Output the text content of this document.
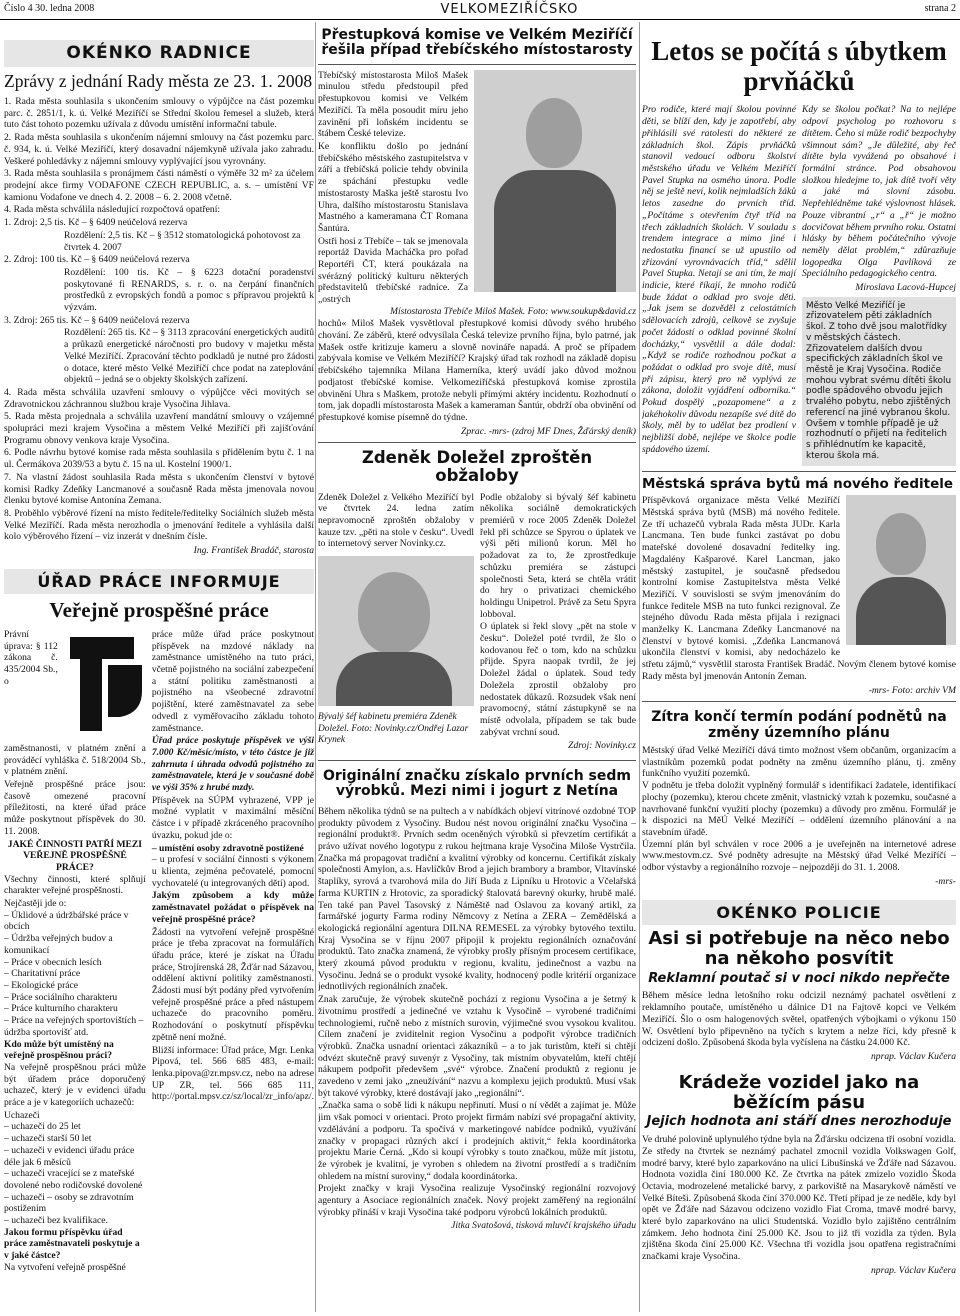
Číslo 4 30. ledna 2008	VELKOMEZIŘÍČSKO	strana 2
OKÉNKO RADNICE
Zprávy z jednání Rady města ze 23. 1. 2008

1. Rada města souhlasila s ukončením smlouvy o výpůjčce na část pozemku parc. č. 2851/1, k. ú. Velké Meziříčí se Střední školou řemesel a služeb, která tuto část tohoto pozemku užívala z důvodu umístění informační tabule.

2. Rada města souhlasila s ukončením nájemní smlouvy na část pozemku parc. č. 934, k. ú. Velké Meziříčí, který dosavadní nájemkyně užívala jako zahradu. Veškeré pohledávky z nájemní smlouvy vyplývající jsou vyrovnány.

3. Rada města souhlasila s pronájmem části náměstí o výměře 32 m² za účelem prodejní akce firmy VODAFONE CZECH REPUBLIC, a. s. – umístění VF kamionu Vodafone ve dnech 4. 2. 2008 – 6. 2. 2008 včetně.

4. Rada města schválila následující rozpočtová opatření:

1. Zdroj: 2,5 tis. Kč – § 6409 neúčelová rezerva

Rozdělení: 2,5 tis. Kč – § 3512 stomatologická pohotovost za čtvrtek 4. 2007

2. Zdroj: 100 tis. Kč – § 6409 neúčelová rezerva

Rozdělení: 100 tis. Kč – § 6223 dotační poradenství poskytované fi RENARDS, s. r. o. na čerpání finančních prostředků z evropských fondů a pomoc s přípravou projektů k výzvám.

3. Zdroj: 265 tis. Kč – § 6409 neúčelová rezerva

Rozdělení: 265 tis. Kč – § 3113 zpracování energetických auditů a průkazů energetické náročnosti pro budovy v majetku města Velké Meziříčí. Zpracování těchto podkladů je nutné pro žádosti o dotace, které město Velké Meziříčí chce podat na zateplování objektů – jedná se o objekty školských zařízení.

4. Rada města schválila uzavření smlouvy o výpůjčce věci movitých se Zdravotnickou záchrannou službou kraje Vysočina Jihlava.

5. Rada města projednala a schválila uzavření mandátní smlouvy o vzájemné spolupráci mezi krajem Vysočina a městem Velké Meziříčí při zajišťování Programu obnovy venkova kraje Vysočina.

6. Podle návrhu bytové komise rada města souhlasila s přidělením bytu č. 1 na ul. Čermákova 2039/53 a bytu č. 15 na ul. Kostelní 1900/1.

7. Na vlastní žádost souhlasila Rada města s ukončením členství v bytové komisi Radky Zdeňky Lancmanové a současně Rada města jmenovala novou členku bytové komise Antonína Zemana.

8. Proběhlo výběrové řízení na místo ředitele/ředitelky Sociálních služeb města Velké Meziříčí. Rada města nerozhodla o jmenování ředitele a vyhlásila další kolo výběrového řízení – viz inzerát v dnešním čísle.

Ing. František Bradáč, starosta

ÚŘAD PRÁCE INFORMUJE
Veřejně prospěšné práce

Právní úprava: § 112 zákona č. 435/2004 Sb., o zaměstnanosti, v platném znění a prováděcí vyhláška č. 518/2004 Sb., v platném znění.

Veřejně prospěšné práce jsou: časově omezené pracovní příležitosti, na které úřad práce může poskytnout příspěvek do 30. 11. 2008.

JAKÉ ČINNOSTI PATŘÍ MEZI VEŘEJNĚ PROSPĚŠNÉ PRÁCE?

Všechny činnosti, které splňují charakter veřejné prospěšnosti.

Nejčastěji jde o:

– Úklidové a údržbářské práce v obcích

– Údržba veřejných budov a komunikací

– Práce v obecních lesích

– Charitativní práce

– Ekologické práce

– Práce sociálního charakteru

– Práce kulturního charakteru

– Práce na veřejných sportovištích – údržba sportovišť atd.

Kdo může být umístěný na veřejně prospěšnou práci?

Na veřejně prospěšnou práci může být úřadem práce doporučený uchazeč, který je v evidenci úřadu práce a je v kategoriích uchazečů:

Uchazeči

– uchazeči do 25 let

– uchazeči starší 50 let

– uchazeči v evidenci úřadu práce déle jak 6 měsíců

– uchazeči vracející se z mateřské dovolené nebo rodičovské dovolené

– uchazeči – osoby se zdravotním postižením

– uchazeči bez kvalifikace.

Jakou formu příspěvku úřad práce zaměstnavateli poskytuje a v jaké částce?

Na vytvoření veřejně prospěšné

práce může úřad práce poskytnout příspěvek na mzdové náklady na zaměstnance umístěného na tuto práci, včetně pojistného na sociální zabezpečení a státní politiku zaměstnanosti a pojistného na všeobecné zdravotní pojištění, které zaměstnavatel za sebe odvedl z vyměřovacího základu tohoto zaměstnance.

Úřad práce poskytuje příspěvek ve výši 7.000 Kč/měsíc/místo, v této částce je již zahrnuta i úhrada odvodů pojistného za zaměstnavatele, která je v současné době ve výši 35% z hrubé mzdy.

Příspěvek na SÚPM vyhrazené, VPP je možné vyplatit v maximální měsíční částce i v případě zkráceného pracovního úvazku, pokud jde o:

– umístění osoby zdravotně postižené

– u profesí v sociální činnosti s výkonem u klienta, zejména pečovatelé, pomocní vychovatelé (u integrovaných dětí) apod.

Jakým způsobem a kdy může zaměstnavatel požádat o příspěvek na veřejně prospěšné práce?

Žádosti na vytvoření veřejně prospěšné práce je třeba zpracovat na formulářích úřadu práce, které je získat na Úřadu práce, Strojírenská 28, Žďár nad Sázavou, oddělení aktivní politiky zaměstnanosti. Žádosti musí být podány před vytvořením veřejně prospěšné práce a před nástupem uchazeče do pracovního poměru. Rozhodování o poskytnutí příspěvku zpětně není možné.

Bližší informace: Úřad práce, Mgr. Lenka Pipová, tel. 566 685 483, e-mail: lenka.pipova@zr.mpsv.cz, nebo na adrese UP ZR, tel. 566 685 111, http://portal.mpsv.cz/sz/local/zr_info/apz/.

Přestupková komise ve Velkém Meziříčí řešila případ třebíčského místostarosty

Třebíčský místostarosta Miloš Mašek minulou středu předstoupil před přestupkovou komisi ve Velkém Meziříčí. Ta měla posoudit míru jeho zavinění při loňském incidentu se štábem České televize.

Ke konfliktu došlo po jednání třebíčského městského zastupitelstva v září a třebíčská policie tehdy obvinila ze spáchání přestupku vedle místostarosty Maška ještě starostu Ivo Uhra, dalšího místostarostu Stanislava Mastného a kameramana ČT Romana Šantúra.

Ostři hosi z Třebíče – tak se jmenovala reportáž Davida Macháčka pro pořad Reportéři ČT, která poukázala na svérázný politický kulturu některých představitelů třebíčské radnice. Za „ostrých

Místostarosta Třebíče Miloš Mašek. Foto: www.soukup&david.cz

hochů« Miloš Mašek vysvětloval přestupkové komisi důvody svého hrubého chování. Ze záběrů, které odvysílala Česká televize prvního října, bylo patrné, jak Mašek ostře kritizuje kameru a slovně novináře napadá. A proč se případem zabývala komise ve Velkém Meziříčí? Krajský úřad tak rozhodl na základě dopisu třebíčského tajemníka Milana Hamerníka, který uvádí jako důvod možnou podjatost třebíčské komise. Velkomeziříčská přestupková komise zprostila obvinění Uhra s Maškem, protože nebyli přímými aktéry incidentu. Rozhodnutí o tom, jak dopadli místostarosta Mašek a kameraman Šantúr, obdrží oba obvinění od přestupkové komise písemně do týdne.

Zprac. -mrs- (zdroj MF Dnes, Žďárský deník)

Zdeněk Doležel zproštěn obžaloby

Zdeněk Doležel z Velkého Meziříčí byl ve čtvrtek 24. ledna zatím nepravomocně zproštěn obžaloby v kauze tzv. „pěti na stole v česku“. Uvedl to internetový server Novinky.cz.

Bývalý šéf kabinetu premiéra Zdeněk Doležel. Foto: Novinky.cz/Ondřej Lazar Krynek

Podle obžaloby si bývalý šéf kabinetu několika sociálně demokratických premiérů v roce 2005 Zdeněk Doležel řekl při schůzce se Spyrou o úplatek ve výši pěti milionů korun. Měl ho požadovat za to, že zprostředkuje schůzku premiéra se zástupci společnosti Seta, která se chtěla vrátit do hry o privatizaci chemického holdingu Unipetrol. Právě za Setu Spyra lobboval.

O úplatek si řekl slovy „pět na stole v česku“. Doležel poté tvrdil, že šlo o kodovanou řeč o tom, kdo na schůzku přijde. Spyra naopak tvrdil, že jej Doležel žádal o úplatek. Soud tedy Doležela zprostil obžaloby pro nedostatek důkazů. Rozsudek však není pravomocný, státní zástupkyně se na místě odvolala, případem se tak bude zabývat vrchní soud.

Zdroj: Novinky.cz

Originální značku získalo prvních sedm výrobků. Mezi nimi i jogurt z Netína

Během několika týdnů se na pultech a v nabídkách objeví vitrínové ozdobné TOP produkty původem z Vysočiny. Budou nést novou originální značku Vysočina – regionální produkt®. Prvních sedm oceněných výrobků si převzetím certifikát a právo užívat nového logotypu z rukou hejtmana kraje Vysočina Miloše Vystrčila. Značka má propagovat tradiční a kvalitní výrobky od koncernu. Certifikát získaly společnosti Amylon, a.s. Havlíčkův Brod a jejich brambory a brambor, Vltavínské štaplíky, syrová a tvarohová mila do Jiří Buda z Lipníku u Hrotovic a Včelařská farma KURTIN z Hrotovic, za sporadický štalovatá barevný okurky, hrubě malé. Ten také pan Pavel Tasovský z Náměště nad Oslavou za kovaný artikl, za farmářské jogurty Farma rodiny Němcovy z Netína a ZERA – Zemědělská a ekologická regionální agentura DILNA REMESEL za výrobky bytového textilu. Kraj Vysočina se v říjnu 2007 připojil k projektu regionálních označování produktů. Tato značka znamená, že výrobky prošly přísným procesem certifikace, který zkoumá původ produktu v regionu, kvalitu, jedinečnost a vazbu na Vysočinu. Jedná se o produkt vysoké kvality, hodnocený podle kritérií organizace jednotlivých regionálních značek.

Znak zaručuje, že výrobek skutečně pochází z regionu Vysočina a je šetrný k životnímu prostředí a jedinečné ve vztahu k Vysočině – vyrobené tradičními technologiemi, ručně nebo z místních surovin, výjimečné svou vysokou kvalitou. Cílem značení je zviditelnit region Vysočinu a podpořit výrobce tradičních výrobků. Značka usnadní orientaci zákazníků – a to jak turistům, kteří si chtějí odvézt skutečně pravý suvenýr z Vysočiny, tak místním obyvatelům, kteří chtějí nákupem podpořit předevšem „své“ výrobce. Značení produktů z regionu je zavedeno v zemi jako „zneužívání“ nazvu a komplexu jejich produktů. Musí však být takové výrobky, které dostávají jako „regionální“.

„Značka sama o sobě lidi k nákupu nepřinutí. Musí o ní vědět a zajímat je. Může jim však pomoci v orientaci. Proto projekt firmám nabízí své propagační aktivity, vzdělávání a podporu. Ta spočívá v marketingové nabídce podniků, využívání značky v propagaci různých akcí i prodejních aktivit,“ řekla koordinátorka projektu Marie Černá. „Kdo si koupí výrobky s touto značkou, může mít jistotu, že výrobek je kvalitní, je vyroben s ohledem na životní prostředí a s tradičním ohledem na místní suroviny,“ dodala koordinátorka.

Projekt značky v kraji Vysočina realizuje Vysočinský regionální rozvojový agentury a Asociace regionálních značek. Nový projekt zaměřený na regionální výrobky přináší v kraji Vysočina také podporu výrobců lokálních produktů.

Jitka Svatošová, tisková mluvčí krajského úřadu

Letos se počítá s úbytkem prvňáčků

Pro rodiče, které mají školou povinné děti, se blíží den, kdy je zapotřebí, aby přihlásili své ratolesti do některé ze základních škol. Zápis prvňáčků stanovil vedoucí odboru školství městského úřadu ve Velkém Meziříčí Pavel Stupka na osmého února. Podle něj se ještě neví, kolik nejmladších žáků letos zasedne do prvních tříd. „Počítáme s otevřením čtyř tříd na třech základních školách. V souladu s trendem integrace a mimo jiné i nedostatku financí se už upustilo od zřizování vyrovnávacích tříd,“ sdělil Pavel Stupka. Netají se ani tím, že mají indicie, které říkají, že mnoho rodičů bude žádat o odklad pro svoje děti. „Jak jsem se dozvěděl z celostátních sdělovacích zdrojů, celkově se zvyšuje počet žádostí o odklad povinné školní docházky,“ vysvětlil a dále dodal: „Když se rodiče rozhodnou počkat a požádat o odklad pro svoje dítě, musí při zápisu, který pro ně vyplývá ze zákona, doložit vyjádření odborníka.“ Pokud dospělý „pozapomene“ a z jakéhokoliv důvodu nezapíše své dítě do školy, měl by to udělat bez prodlení v nejbližší době, nejlépe ve školce podle spádového území.

Kdy se školou počkat? Na to nejlépe odpoví psycholog po rozhovoru s dítětem. Čeho si může rodič bezpochyby všimnout sám? „Je důležité, aby řeč dítěte byla vyvážená po obsahové i formální stránce. Pod obsahovou složkou hledejme to, jak dítě tvoří věty a jaké má slovní zásobu. Nepřehlédněme také výslovnost hlásek. Pouze vibrantní „r“ a „ř“ je možno docvičovat během prvního roku. Ostatní hlásky by během počátečního vývoje neměly dělat problém,“ zdůrazňuje logopedka Olga Pavlíková ze Speciálního pedagogického centra.

Miroslava Lacová-Hupcej

Město Velké Meziříčí je zřizovatelem pěti základních škol. Z toho dvě jsou malotřídky v městských částech. Zřizovatelem dalších dvou specifických základních škol ve městě je Kraj Vysočina. Rodiče mohou vybrat svému dítěti školu podle spádového obvodu jejich trvalého pobytu, nebo zjištěných referencí na jiné vybranou školu. Ovšem v tomhle případě je už rozhodnutí o přijetí na ředitelich s přihlédnutím ke kapacitě, kterou škola má.
Městská správa bytů má nového ředitele

Příspěvková organizace města Velké Meziříčí Městská správa bytů (MSB) má nového ředitele. Ze tří uchazečů vybrala Rada města JUDr. Karla Lancmana. Ten bude funkci zastávat po dobu mateřské dovolené dosavadní ředitelky ing. Magdalény Kašparové. Karel Lancman, jako městský zastupitel, je současně předsedou kontrolní komise Zastupitelstva města Velké Meziříčí. V souvislosti se svým jmenováním do funkce ředitele MSB na tuto funkci rezignoval. Ze stejného důvodu Rada města přijala i rezignaci manželky K. Lancmana Zdeňky Lancmanové na členství v bytové komisi. „Zdeňka Lancmanová ukončila členství v komisi, aby nedocházelo ke střetu zájmů,“ vysvětlil starosta František Bradáč. Novým členem bytové komise Rady města byl jmenován Antonín Zeman.

-mrs- Foto: archiv VM

Zítra končí termín podání podnětů na změny územního plánu

Městský úřad Velké Meziříčí dává timto možnost všem občanům, organizacím a vlastníkům pozemků podat podněty na změnu územního plánu, tj. změny funkčního využití pozemků.
V podnětu je třeba doložit vyplněný formulář s identifikací žadatele, identifikací plochy (pozemku), kterou chcete změnit, vlastnický vztah k pozemku, současné a navrhované funkční využití plochy (pozemku) a důvody pro změnu. Formulář je k dispozici na MěÚ Velké Meziříčí – oddělení územního plánování a na stavebním úřadě.
Územní plán byl schválen v roce 2006 a je uveřejněn na internetové adrese www.mestovm.cz. Své podněty adresujte na Městský úřad Velké Meziříčí – odbor výstavby a regionálního rozvoje – nejpozději do 31. 1. 2008.

-mrs-

OKÉNKO POLICIE
Asi si potřebuje na něco nebo na někoho posvítit
Reklamní poutač si v noci nikdo nepřečte

Během měsíce ledna letošního roku odcizil neznámý pachatel osvětlení z reklamního poutače, umístěného u dálnice D1 na Fajtově kopci ve Velkém Meziříčí. Šlo o osm halogenových světel, opatřených výbojkami o výkonu 150 W. Osvětlení bylo připevněno na tyčích s krytem a nelze říci, kdy přesně k odcizení došlo. Způsobená škoda byla vyčíslena na částku 24.000 Kč.

nprap. Václav Kučera

Krádeže vozidel jako na běžícím pásu
Jejich hodnota ani stáří dnes nerozhoduje

Ve druhé polovině uplynulého týdne byla na Žďársku odcizena tři osobní vozidla. Ze středy na čtvrtek se neznámý pachatel zmocnil vozidla Volkswagen Golf, modré barvy, které bylo zaparkováno na ulici Libušínská ve Žďáře nad Sázavou. Hodnota vozidla činí 180.000 Kč. Ze čtvrtka na pátek zmizelo vozidlo Škoda Octavia, modrozelené metalické barvy, z parkoviště na Masarykově náměstí ve Velké Bíteši. Způsobená škoda činí 370.000 Kč. Třetí případ je ze neděle, kdy byl opět ve Žďáře nad Sázavou odcizeno vozidlo Fiat Croma, tmavě modré barvy, které bylo zaparkováno na ulici Studentská. Vozidlo bylo zajištěno centrálním zámkem. Jeho hodnota činí 25.000 Kč. Jsou to již tři vozidla za týden. Byla zjištěna škoda činí 25.000 Kč. Všechna tři vozidla jsou opatřena registračními značkami kraje Vysočina.

nprap. Václav Kučera
